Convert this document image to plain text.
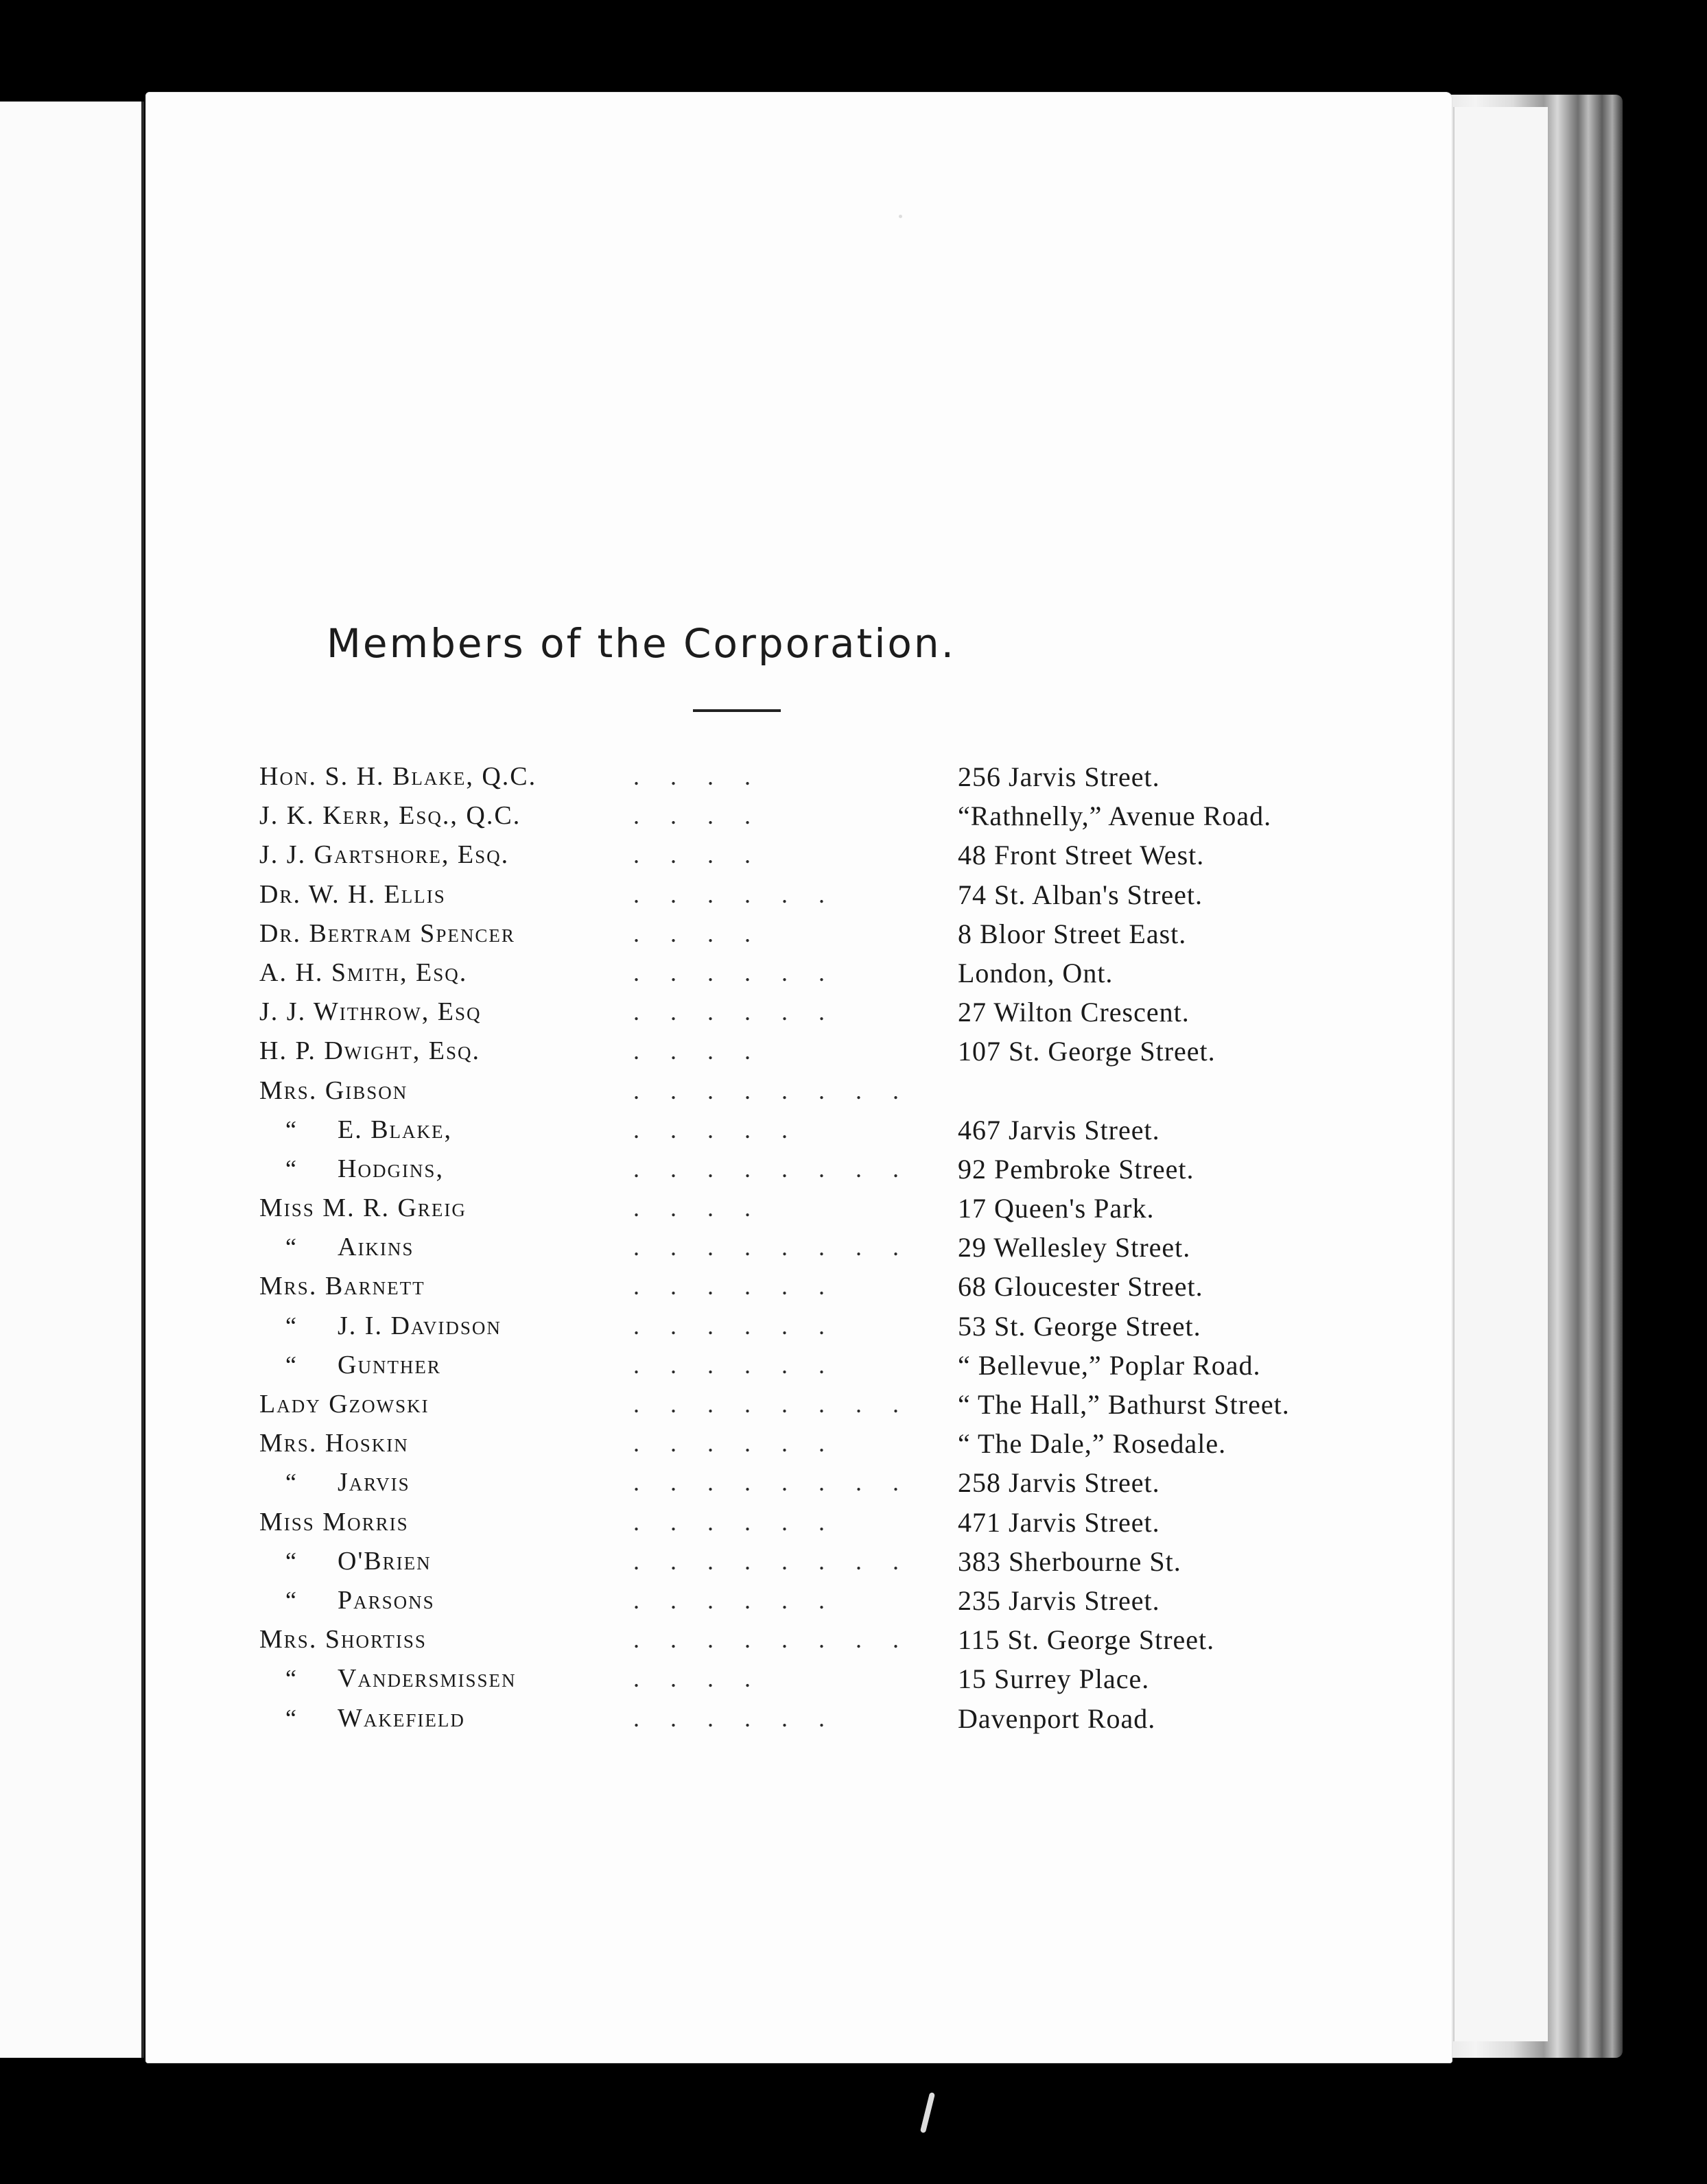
Members of the Corporation.
Hon. S. H. Blake, Q.C.	. . . .	256 Jarvis Street.
J. K. Kerr, Esq., Q.C.	. . . .	“Rathnelly,” Avenue Road.
J. J. Gartshore, Esq.	. . . .	48 Front Street West.
Dr. W. H. Ellis	. . . . . .	74 St. Alban's Street.
Dr. Bertram Spencer	. . . .	8 Bloor Street East.
A. H. Smith, Esq.	. . . . . .	London, Ont.
J. J. Withrow, Esq	. . . . . .	27 Wilton Crescent.
H. P. Dwight, Esq.	. . . .	107 St. George Street.
Mrs. Gibson	. . . . . . . .
“ E. Blake,	. . . . .	467 Jarvis Street.
“ Hodgins,	. . . . . . . . 92 Pembroke Street.
Miss M. R. Greig	. . . .	17 Queen's Park.
“ Aikins	. . . . . . . . 29 Wellesley Street.
Mrs. Barnett	. . . . . .	68 Gloucester Street.
“ J. I. Davidson	. . . . . .	53 St. George Street.
“ Gunther	. . . . . .	“ Bellevue,” Poplar Road.
Lady Gzowski	. . . . . . . . “ The Hall,” Bathurst Street.
Mrs. Hoskin	. . . . . .	“ The Dale,” Rosedale.
“ Jarvis	. . . . . . . . 258 Jarvis Street.
Miss Morris	. . . . . .	471 Jarvis Street.
“ O'Brien	. . . . . . . . 383 Sherbourne St.
“ Parsons	. . . . . .	235 Jarvis Street.
Mrs. Shortiss	. . . . . . . . 115 St. George Street.
“ Vandersmissen	. . . .	15 Surrey Place.
“ Wakefield	. . . . . .	Davenport Road.
